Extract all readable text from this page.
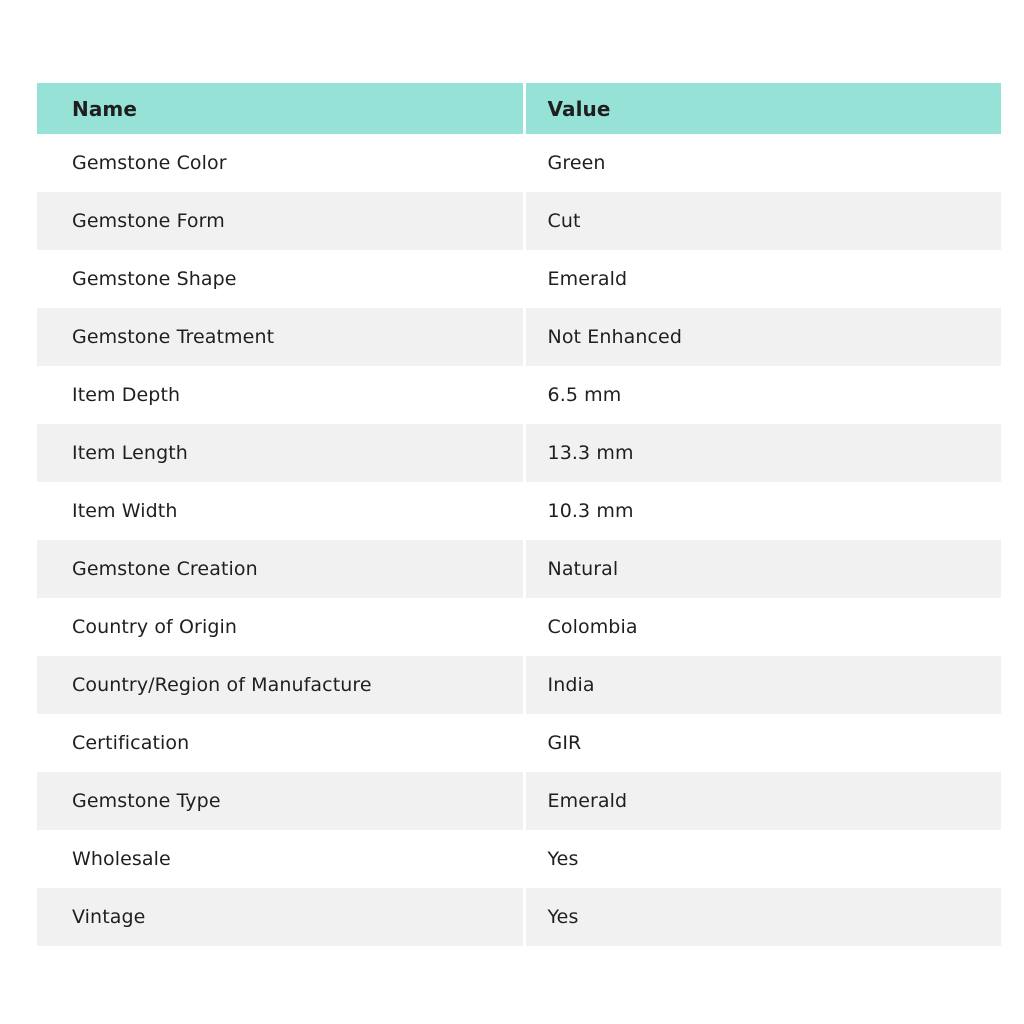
Name	Value
Gemstone Color	Green
Gemstone Form	Cut
Gemstone Shape	Emerald
Gemstone Treatment	Not Enhanced
Item Depth	6.5 mm
Item Length	13.3 mm
Item Width	10.3 mm
Gemstone Creation	Natural
Country of Origin	Colombia
Country/Region of Manufacture	India
Certification	GIR
Gemstone Type	Emerald
Wholesale	Yes
Vintage	Yes
